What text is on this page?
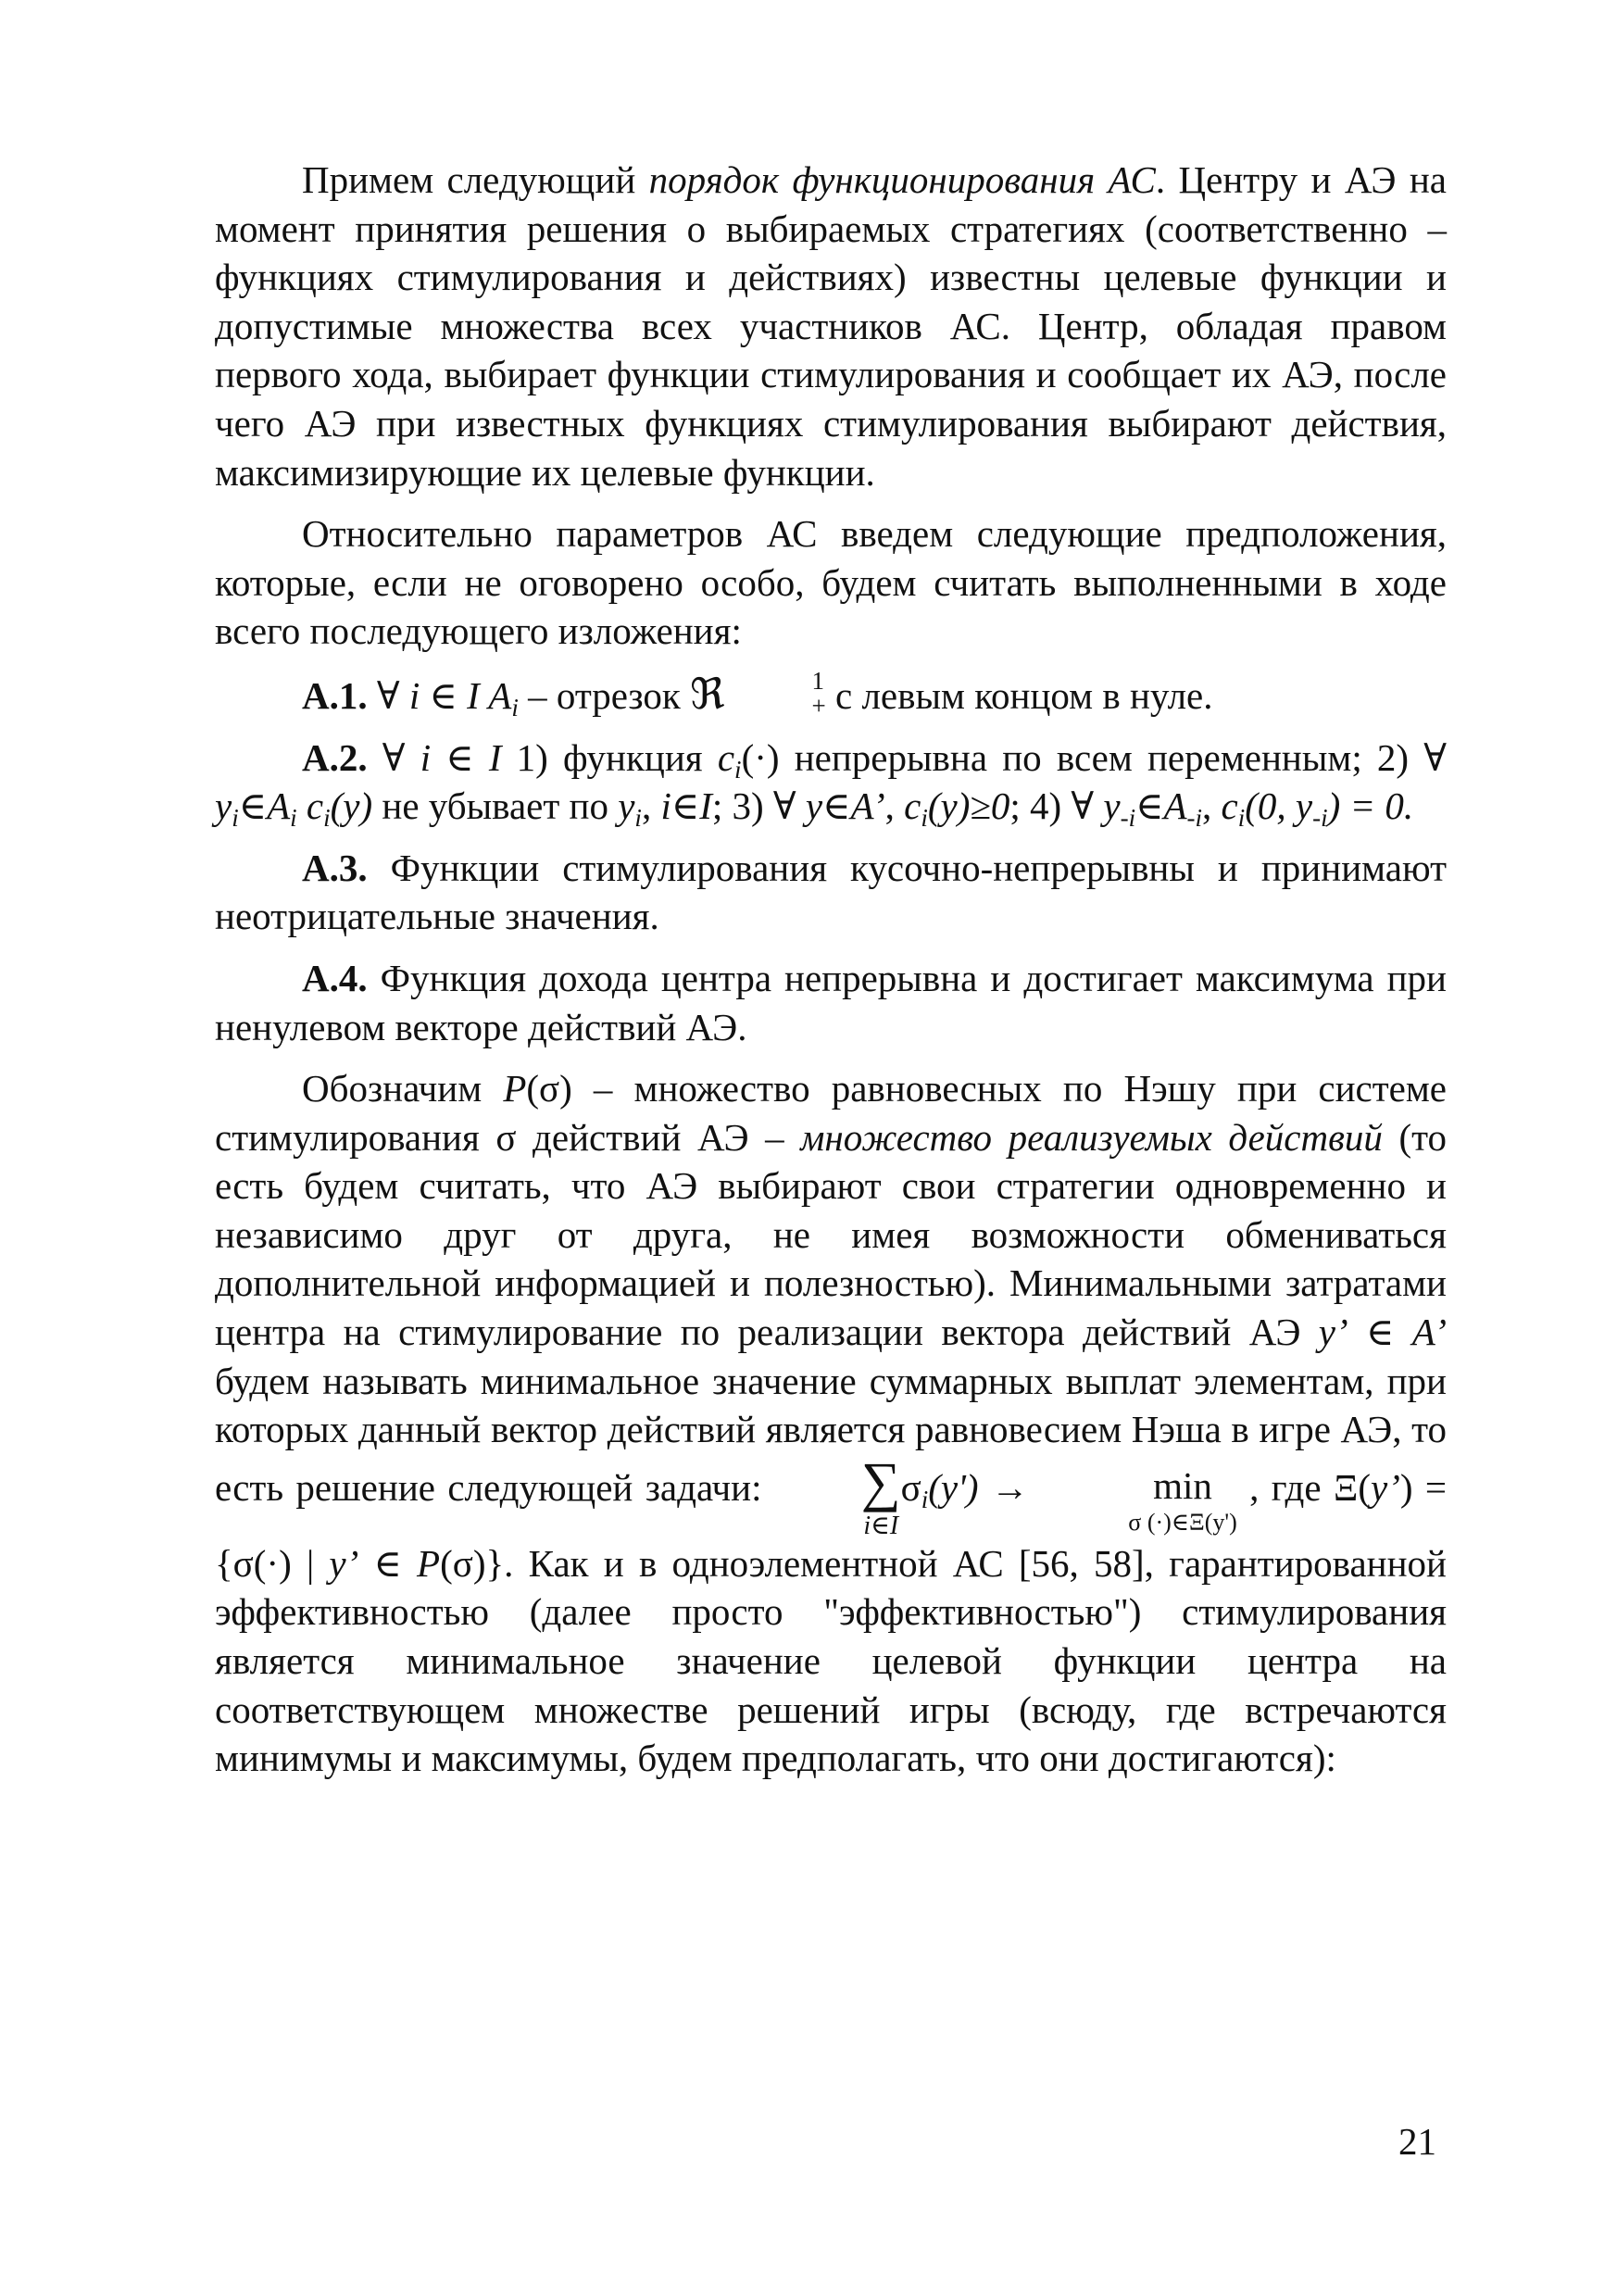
Примем следующий порядок функционирования АС. Центру и АЭ на момент принятия решения о выбираемых стратегиях (соответственно – функциях стимулирования и действиях) известны целевые функции и допустимые множества всех участников АС. Центр, обладая правом первого хода, выбирает функции стимулирования и сообщает их АЭ, после чего АЭ при известных функциях стимулирования выбирают действия, максимизирующие их целевые функции.

Относительно параметров АС введем следующие предположения, которые, если не оговорено особо, будем считать выполненными в ходе всего последующего изложения:

А.1. ∀ i ∈ I $A_i$ – отрезок ℜ	1
+ с левым концом в нуле.

А.2. ∀ i ∈ I 1) функция $c_i(\cdot)$ непрерывна по всем переменным; 2) ∀ $y_i\in A_i$ $c_i(y)$ не убывает по $y_i$, i∈I; 3) ∀ y∈A’, $c_i(y)\ge 0$; 4) ∀ $y_{-i}\in A_{-i}$, $c_i(0$, $y_{-i}) = 0$.

А.3. Функции стимулирования кусочно-непрерывны и принимают неотрицательные значения.

А.4. Функция дохода центра непрерывна и достигает максимума при ненулевом векторе действий АЭ.

Обозначим P(σ) – множество равновесных по Нэшу при системе стимулирования σ действий АЭ – множество реализуемых действий (то есть будем считать, что АЭ выбирают свои стратегии одновременно и независимо друг от друга, не имея возможности обмениваться дополнительной информацией и полезностью). Минимальными затратами центра на стимулирование по реализации вектора действий АЭ y’ ∈ A’ будем называть минимальное значение суммарных выплат элементам, при которых данный вектор действий является равновесием Нэша в игре АЭ, то есть решение следующей задачи:	∑
i∈I
$\sigma_i(y')$ →	min
σ (·)∈Ξ(y')
, где Ξ(y’) = {σ(·) | y’ ∈ P(σ)}. Как и в одноэлементной АС [56, 58], гарантированной эффективностью (далее просто "эффективностью") стимулирования является минимальное значение целевой функции центра на соответствующем множестве решений игры (всюду, где встречаются минимумы и максимумы, будем предполагать, что они достигаются):

21
